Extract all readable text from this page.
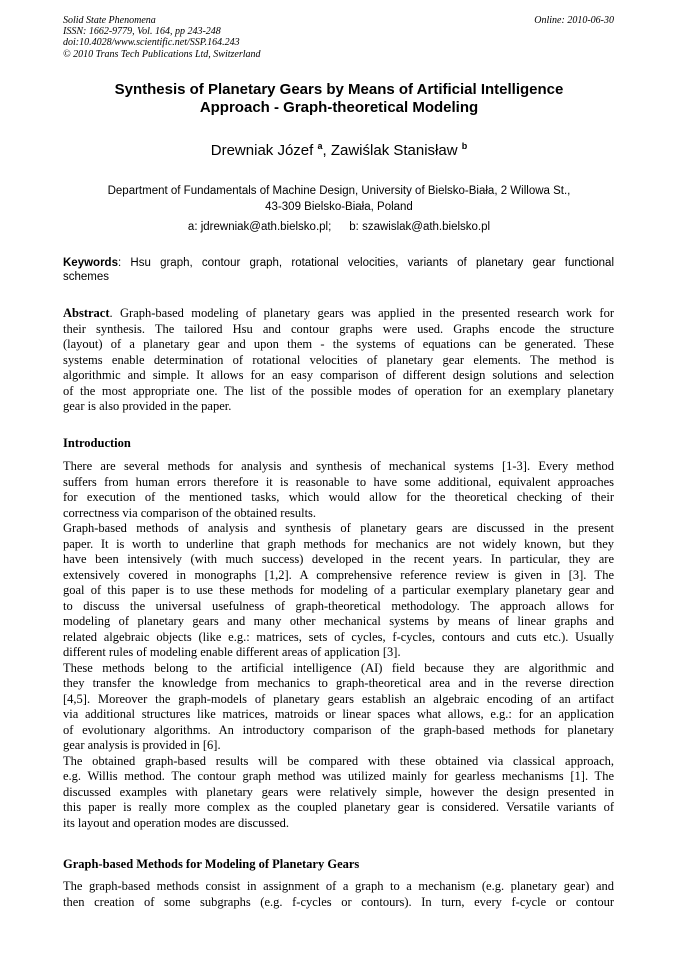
Solid State Phenomena
ISSN: 1662-9779, Vol. 164, pp 243-248
doi:10.4028/www.scientific.net/SSP.164.243
© 2010 Trans Tech Publications Ltd, Switzerland
Online: 2010-06-30
Synthesis of Planetary Gears by Means of Artificial Intelligence
Approach - Graph-theoretical Modeling
Drewniak Józef $^a$, Zawiślak Stanisław $^b$
Department of Fundamentals of Machine Design, University of Bielsko-Biała, 2 Willowa St.,
43-309 Bielsko-Biała, Poland
a: jdrewniak@ath.bielsko.pl; b: szawislak@ath.bielsko.pl
Keywords: Hsu graph, contour graph, rotational velocities, variants of planetary gear functional
schemes
Abstract. Graph-based modeling of planetary gears was applied in the presented research work for
their synthesis. The tailored Hsu and contour graphs were used. Graphs encode the structure
(layout) of a planetary gear and upon them - the systems of equations can be generated. These
systems enable determination of rotational velocities of planetary gear elements. The method is
algorithmic and simple. It allows for an easy comparison of different design solutions and selection
of the most appropriate one. The list of the possible modes of operation for an exemplary planetary
gear is also provided in the paper.
Introduction
There are several methods for analysis and synthesis of mechanical systems [1-3]. Every method
suffers from human errors therefore it is reasonable to have some additional, equivalent approaches
for execution of the mentioned tasks, which would allow for the theoretical checking of their
correctness via comparison of the obtained results.
Graph-based methods of analysis and synthesis of planetary gears are discussed in the present
paper. It is worth to underline that graph methods for mechanics are not widely known, but they
have been intensively (with much success) developed in the recent years. In particular, they are
extensively covered in monographs [1,2]. A comprehensive reference review is given in [3]. The
goal of this paper is to use these methods for modeling of a particular exemplary planetary gear and
to discuss the universal usefulness of graph-theoretical methodology. The approach allows for
modeling of planetary gears and many other mechanical systems by means of linear graphs and
related algebraic objects (like e.g.: matrices, sets of cycles, f-cycles, contours and cuts etc.). Usually
different rules of modeling enable different areas of application [3].
These methods belong to the artificial intelligence (AI) field because they are algorithmic and
they transfer the knowledge from mechanics to graph-theoretical area and in the reverse direction
[4,5]. Moreover the graph-models of planetary gears establish an algebraic encoding of an artifact
via additional structures like matrices, matroids or linear spaces what allows, e.g.: for an application
of evolutionary algorithms. An introductory comparison of the graph-based methods for planetary
gear analysis is provided in [6].
The obtained graph-based results will be compared with these obtained via classical approach,
e.g. Willis method. The contour graph method was utilized mainly for gearless mechanisms [1]. The
discussed examples with planetary gears were relatively simple, however the design presented in
this paper is really more complex as the coupled planetary gear is considered. Versatile variants of
its layout and operation modes are discussed.
Graph-based Methods for Modeling of Planetary Gears
The graph-based methods consist in assignment of a graph to a mechanism (e.g. planetary gear) and
then creation of some subgraphs (e.g. f-cycles or contours). In turn, every f-cycle or contour
